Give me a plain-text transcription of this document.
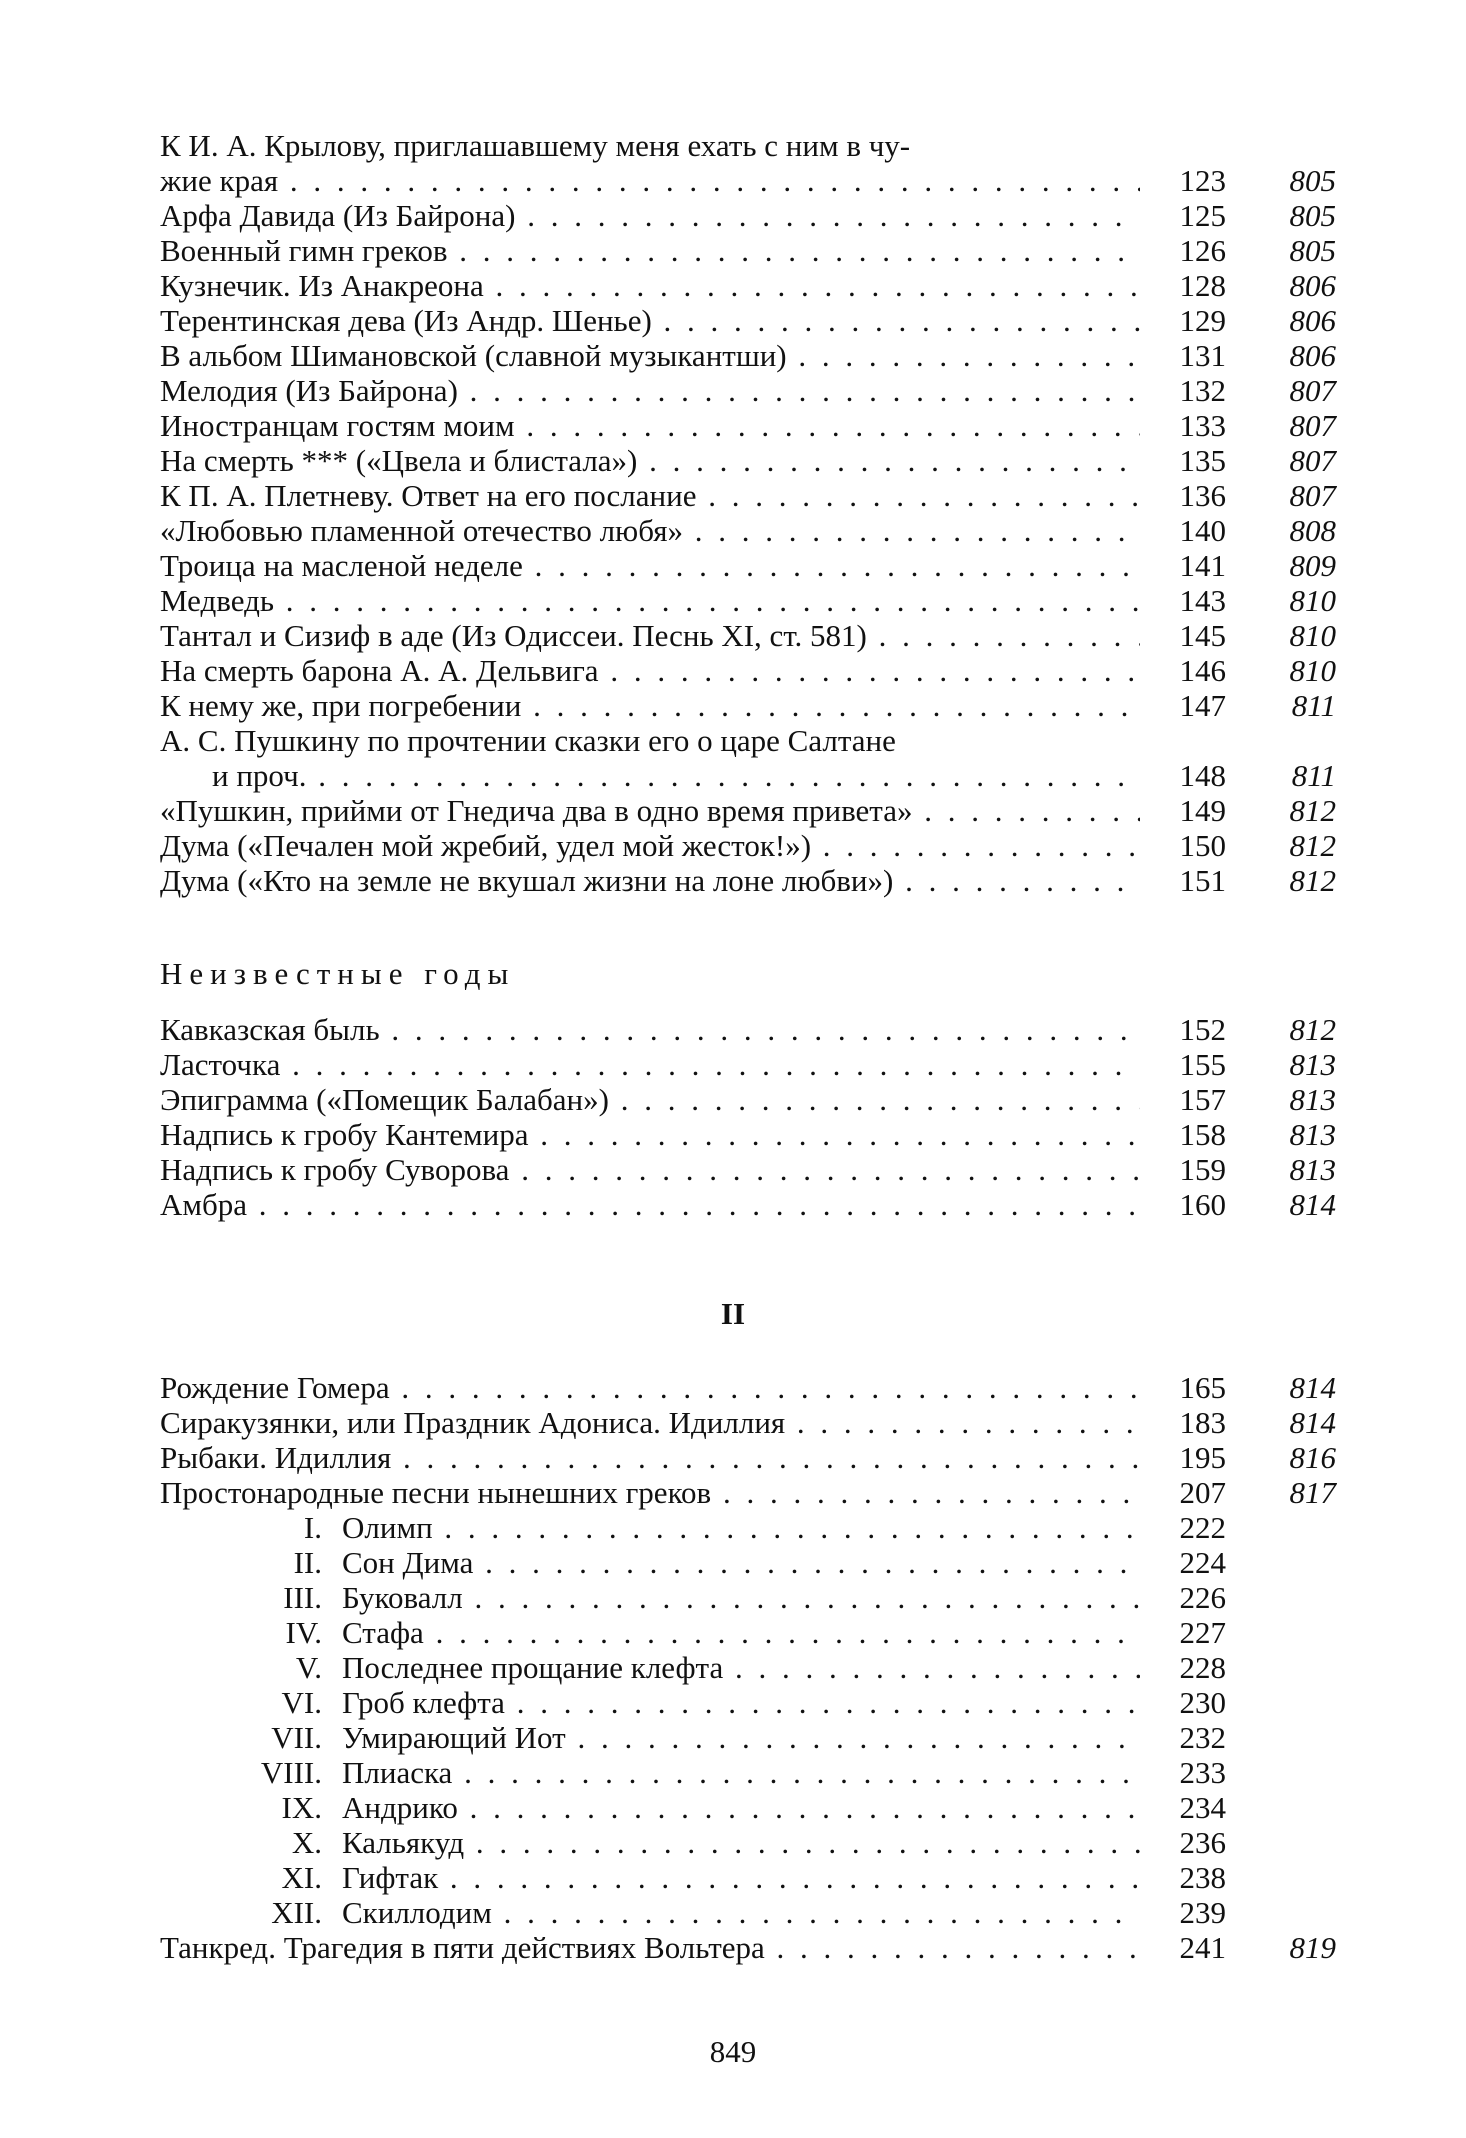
К И. А. Крылову, приглашавшему меня ехать с ним в чу-
жие края . . .	123	805
Арфа Давида (Из Байрона) . . .	125	805
Военный гимн греков . . .	126	805
Кузнечик. Из Анакреона . . .	128	806
Терентинская дева (Из Андр. Шенье) . . .	129	806
В альбом Шимановской (славной музыкантши) . . .	131	806
Мелодия (Из Байрона) . . .	132	807
Иностранцам гостям моим . . .	133	807
На смерть *** («Цвела и блистала») . . .	135	807
К П. А. Плетневу. Ответ на его послание . . .	136	807
«Любовью пламенной отечество любя» . . .	140	808
Троица на масленой неделе . . .	141	809
Медведь . . .	143	810
Тантал и Сизиф в аде (Из Одиссеи. Песнь XI, ст. 581) . . .	145	810
На смерть барона А. А. Дельвига . . .	146	810
К нему же, при погребении . . .	147	811
А. С. Пушкину по прочтении сказки его о царе Салтане
и проч. . . .	148	811
«Пушкин, прийми от Гнедича два в одно время привета» . . .	149	812
Дума («Печален мой жребий, удел мой жесток!») . . .	150	812
Дума («Кто на земле не вкушал жизни на лоне любви») . . .	151	812
Неизвестные годы
Кавказская быль . . .	152	812
Ласточка . . .	155	813
Эпиграмма («Помещик Балабан») . . .	157	813
Надпись к гробу Кантемира . . .	158	813
Надпись к гробу Суворова . . .	159	813
Амбра . . .	160	814
II
Рождение Гомера . . .	165	814
Сиракузянки, или Праздник Адониса. Идиллия . . .	183	814
Рыбаки. Идиллия . . .	195	816
Простонародные песни нынешних греков . . .	207	817
I. Олимп . . .	222
II. Сон Дима . . .	224
III. Буковалл . . .	226
IV. Стафа . . .	227
V. Последнее прощание клефта . . .	228
VI. Гроб клефта . . .	230
VII. Умирающий Иот . . .	232
VIII. Плиаска . . .	233
IX. Андрико . . .	234
X. Кальякуд . . .	236
XI. Гифтак . . .	238
XII. Скиллодим . . .	239
Танкред. Трагедия в пяти действиях Вольтера . . .	241	819
849
